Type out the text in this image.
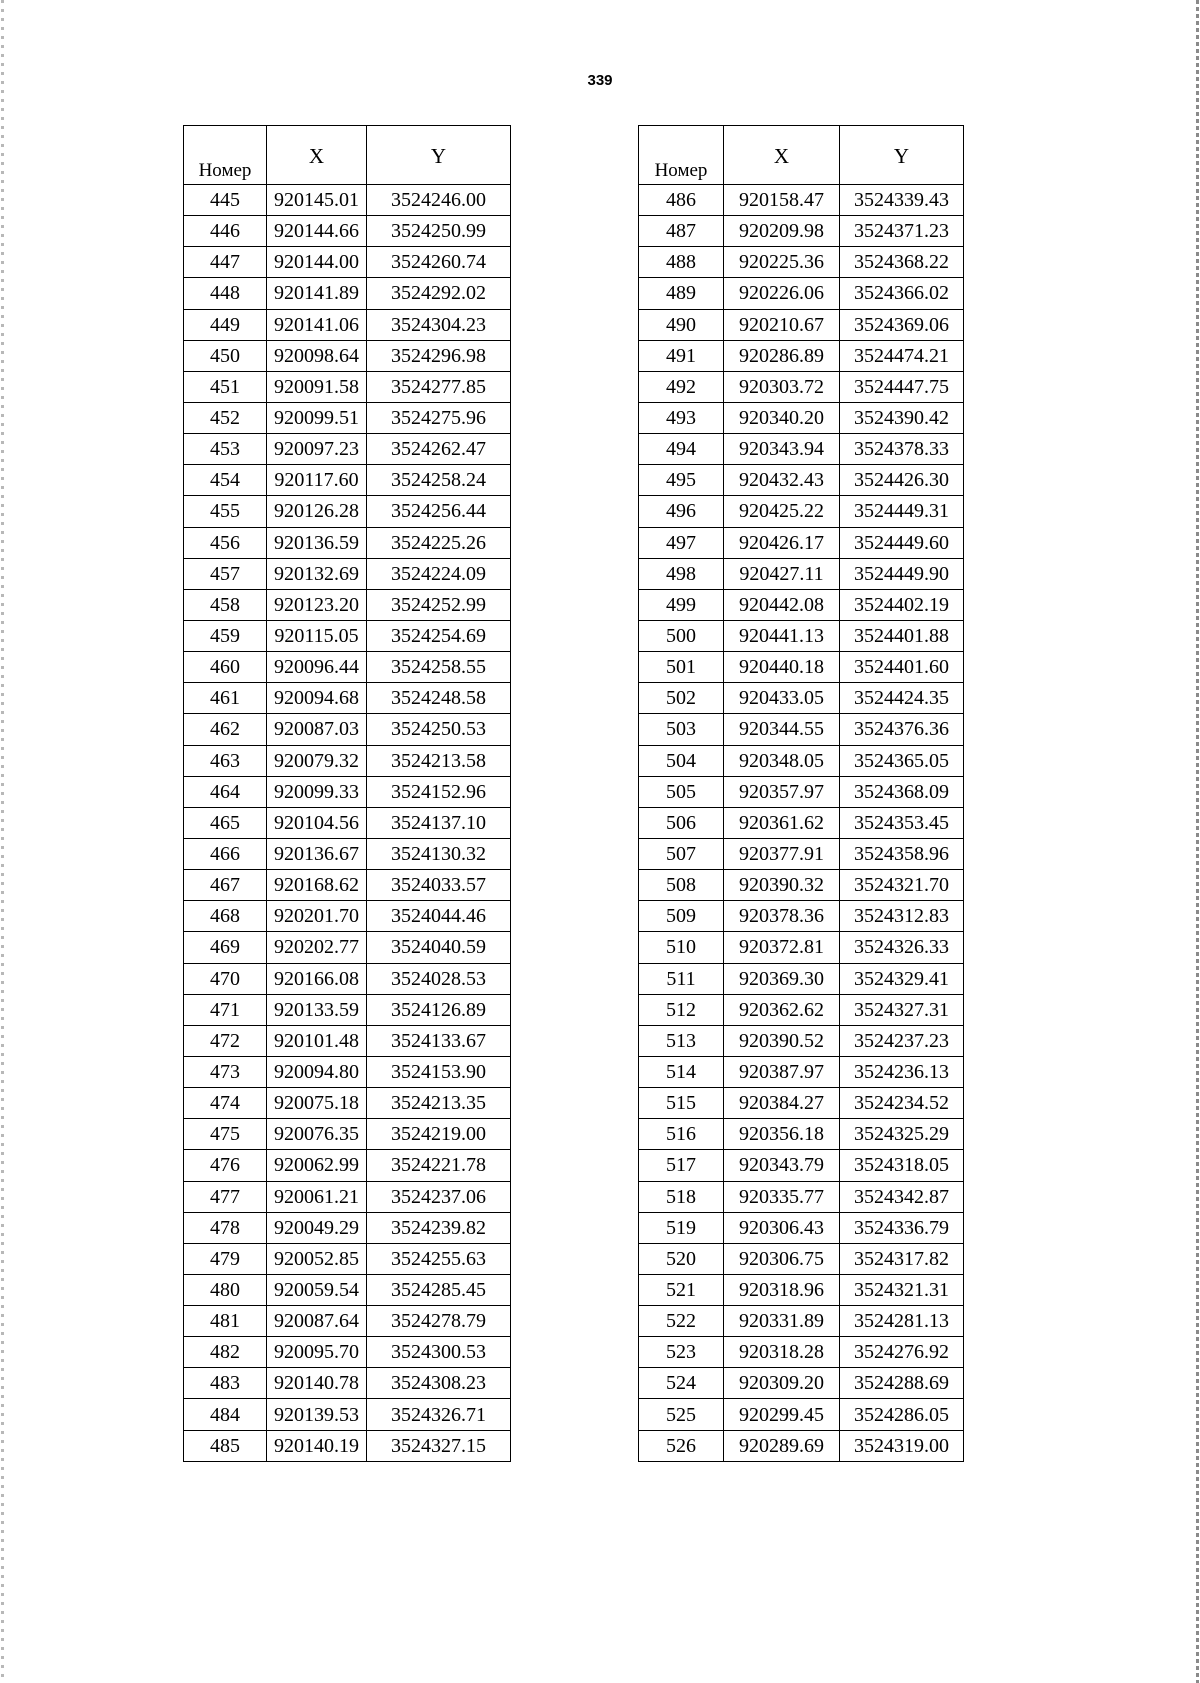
339
Номер	X	Y
445	920145.01	3524246.00
446	920144.66	3524250.99
447	920144.00	3524260.74
448	920141.89	3524292.02
449	920141.06	3524304.23
450	920098.64	3524296.98
451	920091.58	3524277.85
452	920099.51	3524275.96
453	920097.23	3524262.47
454	920117.60	3524258.24
455	920126.28	3524256.44
456	920136.59	3524225.26
457	920132.69	3524224.09
458	920123.20	3524252.99
459	920115.05	3524254.69
460	920096.44	3524258.55
461	920094.68	3524248.58
462	920087.03	3524250.53
463	920079.32	3524213.58
464	920099.33	3524152.96
465	920104.56	3524137.10
466	920136.67	3524130.32
467	920168.62	3524033.57
468	920201.70	3524044.46
469	920202.77	3524040.59
470	920166.08	3524028.53
471	920133.59	3524126.89
472	920101.48	3524133.67
473	920094.80	3524153.90
474	920075.18	3524213.35
475	920076.35	3524219.00
476	920062.99	3524221.78
477	920061.21	3524237.06
478	920049.29	3524239.82
479	920052.85	3524255.63
480	920059.54	3524285.45
481	920087.64	3524278.79
482	920095.70	3524300.53
483	920140.78	3524308.23
484	920139.53	3524326.71
485	920140.19	3524327.15
Номер	X	Y
486	920158.47	3524339.43
487	920209.98	3524371.23
488	920225.36	3524368.22
489	920226.06	3524366.02
490	920210.67	3524369.06
491	920286.89	3524474.21
492	920303.72	3524447.75
493	920340.20	3524390.42
494	920343.94	3524378.33
495	920432.43	3524426.30
496	920425.22	3524449.31
497	920426.17	3524449.60
498	920427.11	3524449.90
499	920442.08	3524402.19
500	920441.13	3524401.88
501	920440.18	3524401.60
502	920433.05	3524424.35
503	920344.55	3524376.36
504	920348.05	3524365.05
505	920357.97	3524368.09
506	920361.62	3524353.45
507	920377.91	3524358.96
508	920390.32	3524321.70
509	920378.36	3524312.83
510	920372.81	3524326.33
511	920369.30	3524329.41
512	920362.62	3524327.31
513	920390.52	3524237.23
514	920387.97	3524236.13
515	920384.27	3524234.52
516	920356.18	3524325.29
517	920343.79	3524318.05
518	920335.77	3524342.87
519	920306.43	3524336.79
520	920306.75	3524317.82
521	920318.96	3524321.31
522	920331.89	3524281.13
523	920318.28	3524276.92
524	920309.20	3524288.69
525	920299.45	3524286.05
526	920289.69	3524319.00
